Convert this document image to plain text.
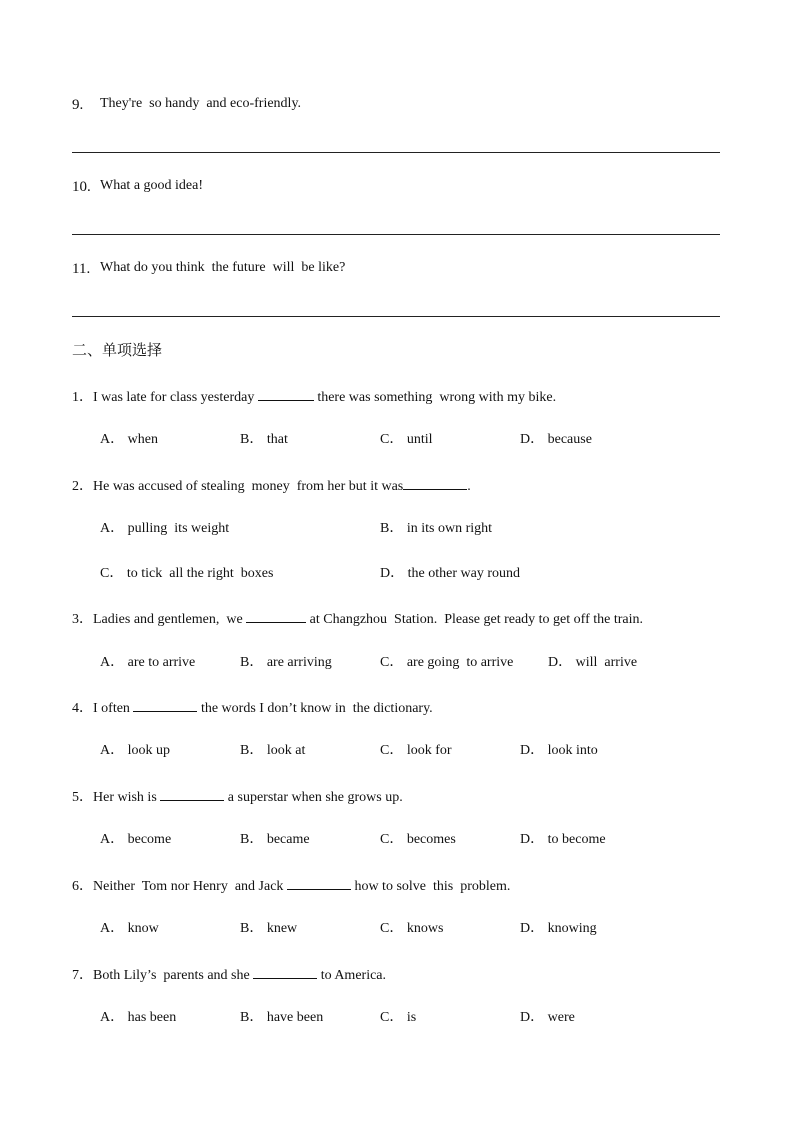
9. They're  so handy  and eco-friendly.
10. What a good idea!
11. What do you think  the future  will  be like?
二、单项选择
1．I was late for class yesterday	there was something  wrong with my bike.
A． when	B． that	C． until	D． because
2．He was accused of stealing  money  from her but it was	.
A． pulling  its weight	B． in its own right
C． to tick  all the right  boxes	D． the other way round
3．Ladies and gentlemen,  we	at Changzhou  Station.  Please get ready to get off the train.
A． are to arrive	B． are arriving	C． are going  to arrive D． will  arrive
4．I often	the words I don’t know in  the dictionary.
A． look up	B． look at	C． look for	D． look into
5．Her wish is	a superstar when she grows up.
A． become	B． became	C． becomes	D． to become
6．Neither  Tom nor Henry  and Jack	how to solve  this  problem.
A． know	B． knew	C． knows	D． knowing
7．Both Lily’s  parents and she	to America.
A． has been	B． have been	C． is	D． were
